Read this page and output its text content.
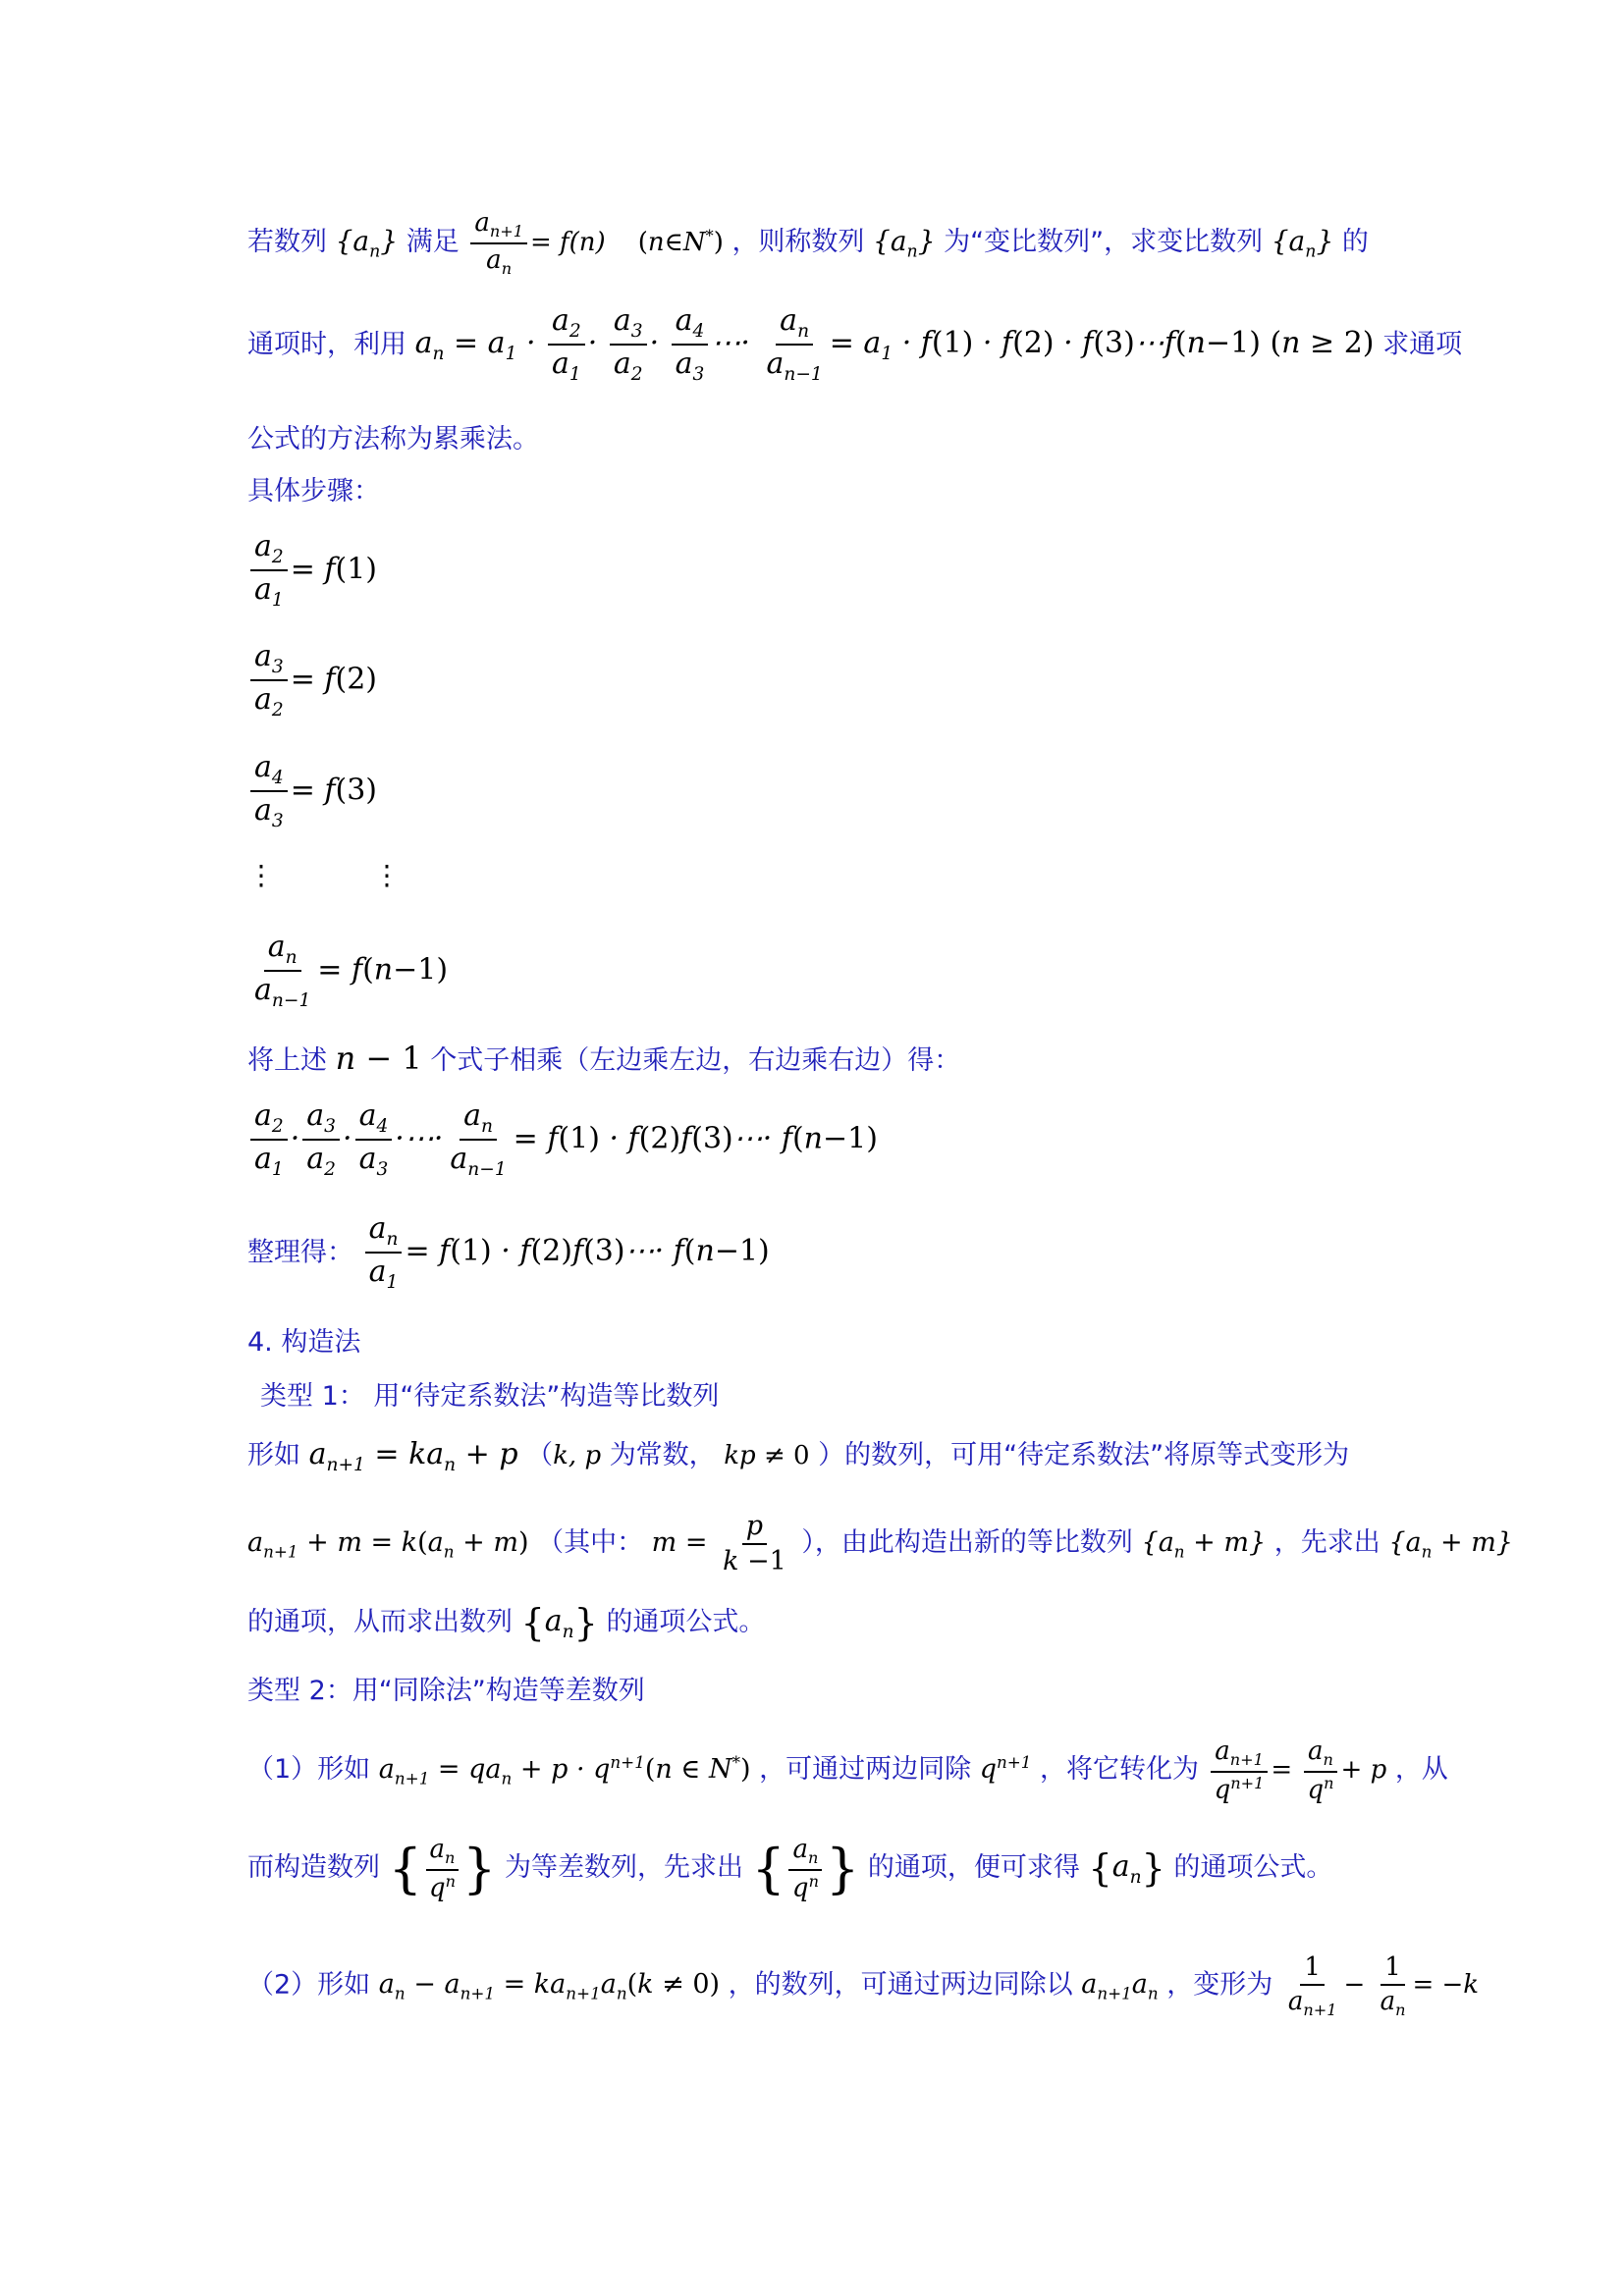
若数列 $\{a_n\}$ 满足 $\frac{a_{n+1}}{a_n} = f(n)$    (n∈N*) ，则称数列 $\{a_n\}$ 为“变比数列”，求变比数列 $\{a_n\}$ 的
通项时，利用 $a_n = a_1 \cdot \frac{a_2}{a_1} \cdot \frac{a_3}{a_2} \cdot \frac{a_4}{a_3}$ ⋯· $\frac{a_n}{a_{n-1}} = a_1 \cdot f(1) \cdot f(2)$ · f(3)⋯f(n−1) (n ≥ 2) 求通项
公式的方法称为累乘法。
具体步骤：
$\frac{a_2}{a_1} = f(1)$
$\frac{a_3}{a_2} = f(2)$
$\frac{a_4}{a_3} = f(3)$
⋮	⋮
$\frac{a_n}{a_{n-1}} = f(n-1)$
将上述 n − 1 个式子相乘（左边乘左边，右边乘右边）得：
$\frac{a_2}{a_1} \cdot \frac{a_3}{a_2} \cdot \frac{a_4}{a_3}$ ·⋯· $\frac{a_n}{a_{n-1}} = f(1)$ · f(2)f(3)⋯· f(n−1)
整理得： $\frac{a_n}{a_1} = f(1)$ · f(2)f(3)⋯· f(n−1)
4. 构造法
类型 1： 用“待定系数法”构造等比数列
形如 $a_{n+1} = ka_n + p$ （k, p 为常数， kp ≠ 0 ）的数列，可用“待定系数法”将原等式变形为
$a_{n+1} + m = k(a_n + m)$ （其中： $m = \frac{p}{k -1}$ ），由此构造出新的等比数列 $\{a_n + m\}$ ，先求出 $\{a_n + m\}$
的通项，从而求出数列 $\{a_n\}$ 的通项公式。
类型 2：用“同除法”构造等差数列
（1）形如 $a_{n+1} = qa_n + p \cdot q^{n+1}(n$ ∈ N*) ，可通过两边同除 $q^{n+1}$ ，将它转化为 $\frac{a_{n+1}}{q^{n+1}} = \frac{a_n}{q^n} + p$ ，从
而构造数列 { $\frac{a_n}{q^n}$ } 为等差数列，先求出 { $\frac{a_n}{q^n}$ } 的通项，便可求得 $\{a_n\}$ 的通项公式。
（2）形如 $a_n - a_{n+1} = ka_{n+1}a_n(k \ne 0)$ ，的数列，可通过两边同除以 $a_{n+1}a_n$ ，变形为 $\frac{1}{a_{n+1}} - \frac{1}{a_n} = -k$
